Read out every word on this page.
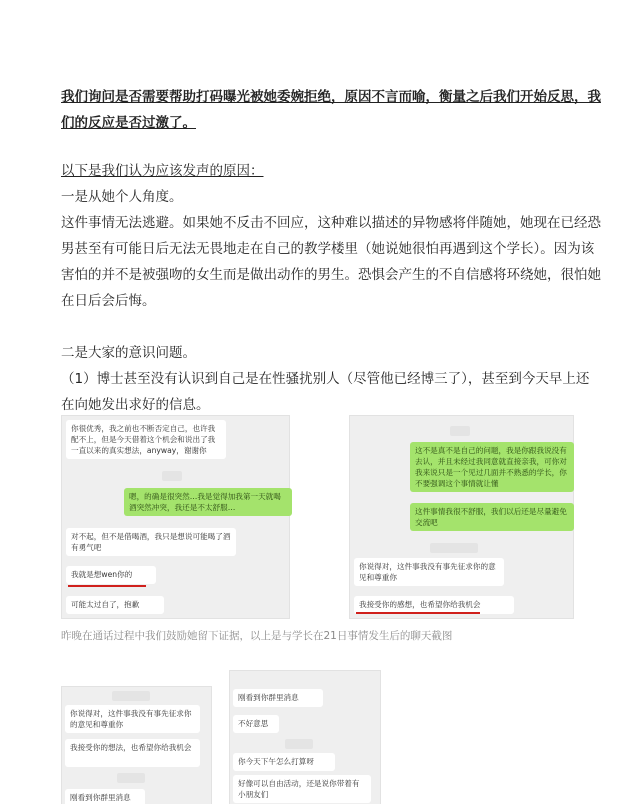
我们询问是否需要帮助打码曝光被她委婉拒绝，原因不言而喻，衡量之后我们开始反思，我
们的反应是否过激了。
以下是我们认为应该发声的原因：
一是从她个人角度。
这件事情无法逃避。如果她不反击不回应，这种难以描述的异物感将伴随她，她现在已经恐
男甚至有可能日后无法无畏地走在自己的教学楼里（她说她很怕再遇到这个学长）。因为该
害怕的并不是被强吻的女生而是做出动作的男生。恐惧会产生的不自信感将环绕她，很怕她
在日后会后悔。
二是大家的意识问题。
（1）博士甚至没有认识到自己是在性骚扰别人（尽管他已经博三了），甚至到今天早上还
在向她发出求好的信息。
你很优秀，我之前也不断否定自己，也许我配不上，但是今天借着这个机会和说出了我一直以来的真实想法，anyway，谢谢你
嗯，的确是很突然…我是觉得加我第一天就喝酒突然冲突，我还是不太舒服…
对不起，但不是借喝酒，我只是想说可能喝了酒有勇气吧
我就是想wen你的
可能太过自了，抱歉
这不是真不是自己的问题，我是你跟我说没有去认，并且未经过我同意就直接亲我，可你对我来说只是一个见过几面并不熟悉的学长，你不要强调这个事情就让懂
这件事情我很不舒服，我们以后还是尽量避免交流吧
你说得对，这件事我没有事先征求你的意见和尊重你
我接受你的感想，也希望你给我机会
昨晚在通话过程中我们鼓励她留下证据，以上是与学长在21日事情发生后的聊天截图
你说得对，这件事我没有事先征求你的意见和尊重你
我接受你的想法，也希望你给我机会
刚看到你群里消息
刚看到你群里消息
不好意思
你今天下午怎么打算呀
好像可以自由活动，还是说你带着有小朋友们
